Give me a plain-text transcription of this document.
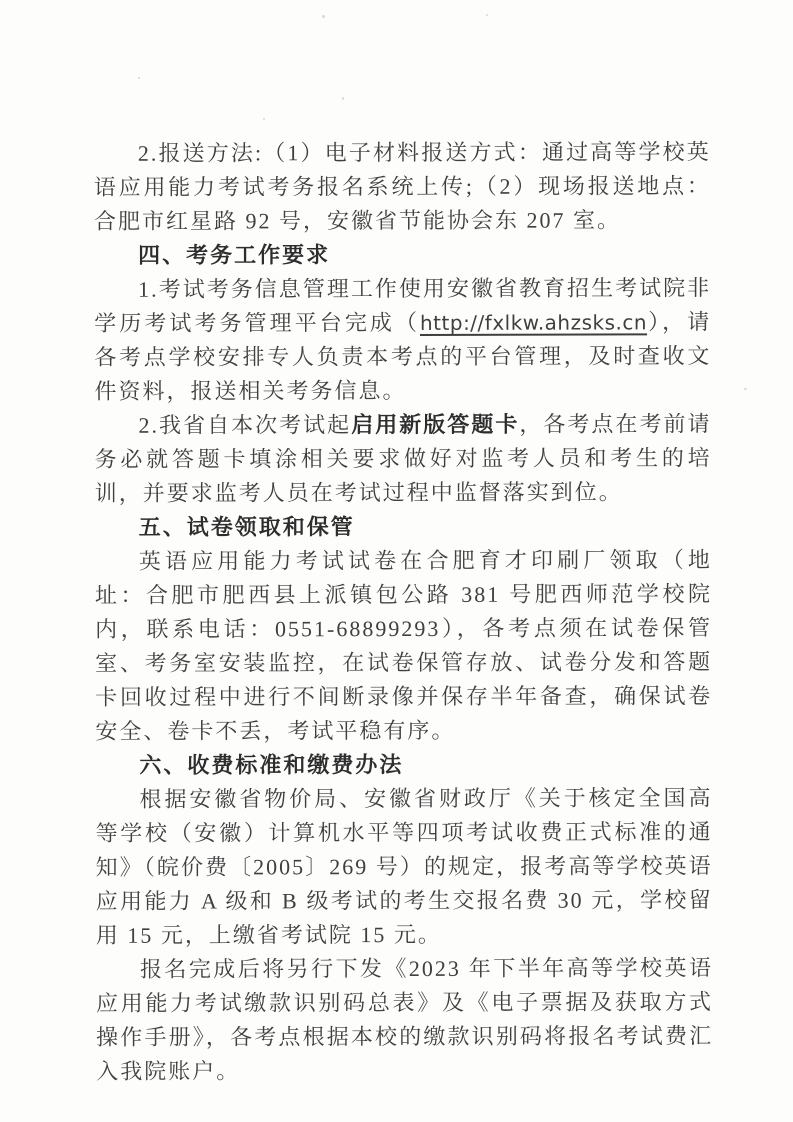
2.报送方法:（1）电子材料报送方式：通过高等学校英语应用能力考试考务报名系统上传;（2）现场报送地点：合肥市红星路 92 号，安徽省节能协会东 207 室。

四、考务工作要求

1.考试考务信息管理工作使用安徽省教育招生考试院非学历考试考务管理平台完成（http://fxlkw.ahzsks.cn），请各考点学校安排专人负责本考点的平台管理，及时查收文件资料，报送相关考务信息。

2.我省自本次考试起启用新版答题卡，各考点在考前请务必就答题卡填涂相关要求做好对监考人员和考生的培训，并要求监考人员在考试过程中监督落实到位。

五、试卷领取和保管

英语应用能力考试试卷在合肥育才印刷厂领取（地址：合肥市肥西县上派镇包公路 381 号肥西师范学校院内，联系电话：0551-68899293），各考点须在试卷保管室、考务室安装监控，在试卷保管存放、试卷分发和答题卡回收过程中进行不间断录像并保存半年备查，确保试卷安全、卷卡不丢，考试平稳有序。

六、收费标准和缴费办法

根据安徽省物价局、安徽省财政厅《关于核定全国高等学校（安徽）计算机水平等四项考试收费正式标准的通知》（皖价费〔2005〕269 号）的规定，报考高等学校英语应用能力 A 级和 B 级考试的考生交报名费 30 元，学校留用 15 元，上缴省考试院 15 元。

报名完成后将另行下发《2023 年下半年高等学校英语应用能力考试缴款识别码总表》及《电子票据及获取方式操作手册》，各考点根据本校的缴款识别码将报名考试费汇入我院账户。
